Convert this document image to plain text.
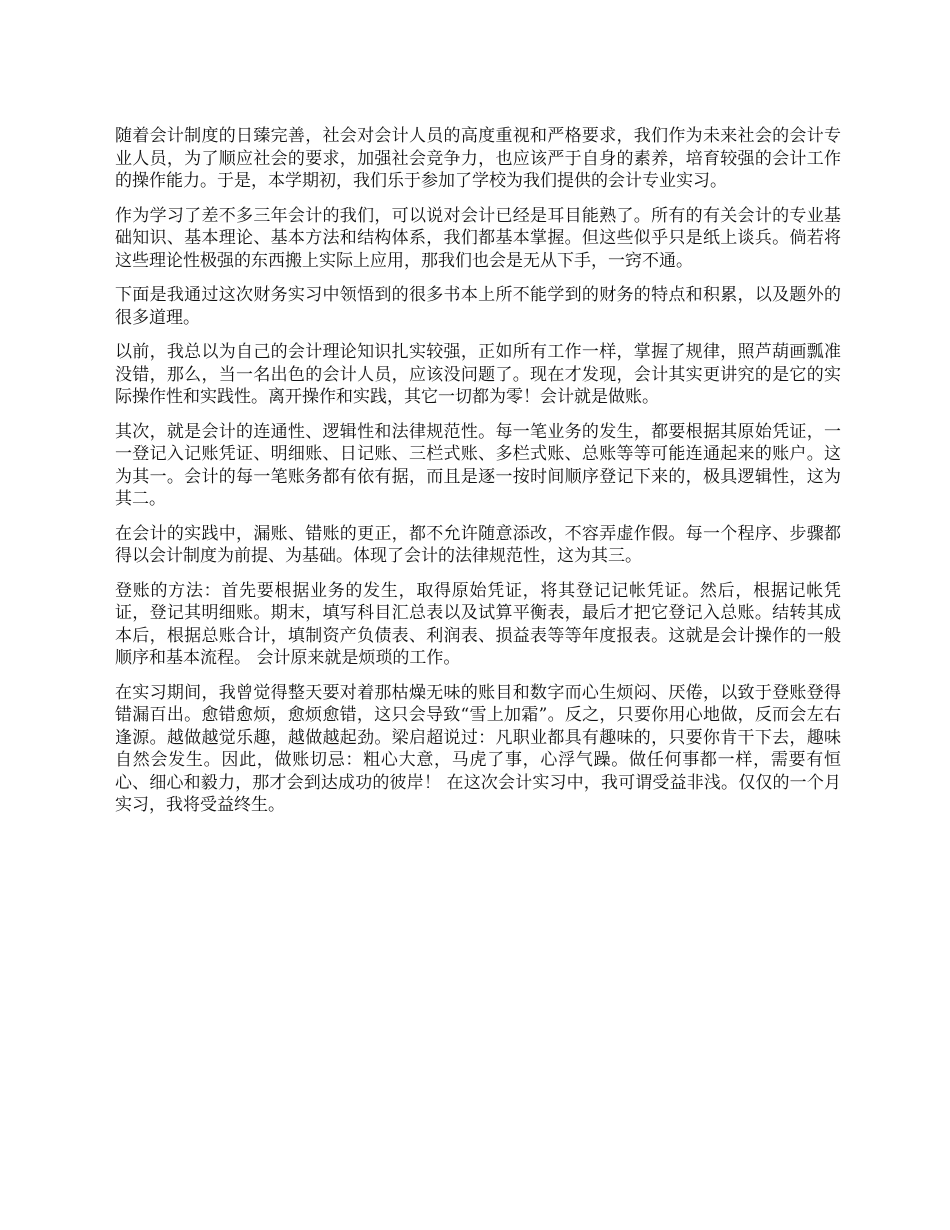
随着会计制度的日臻完善，社会对会计人员的高度重视和严格要求，我们作为未来社会的会计专业人员，为了顺应社会的要求，加强社会竞争力，也应该严于自身的素养，培育较强的会计工作的操作能力。于是，本学期初，我们乐于参加了学校为我们提供的会计专业实习。

作为学习了差不多三年会计的我们，可以说对会计已经是耳目能熟了。所有的有关会计的专业基础知识、基本理论、基本方法和结构体系，我们都基本掌握。但这些似乎只是纸上谈兵。倘若将这些理论性极强的东西搬上实际上应用，那我们也会是无从下手，一窍不通。

下面是我通过这次财务实习中领悟到的很多书本上所不能学到的财务的特点和积累，以及题外的很多道理。

以前，我总以为自己的会计理论知识扎实较强，正如所有工作一样，掌握了规律，照芦葫画瓢准没错，那么，当一名出色的会计人员，应该没问题了。现在才发现，会计其实更讲究的是它的实际操作性和实践性。离开操作和实践，其它一切都为零！会计就是做账。

其次，就是会计的连通性、逻辑性和法律规范性。每一笔业务的发生，都要根据其原始凭证，一一登记入记账凭证、明细账、日记账、三栏式账、多栏式账、总账等等可能连通起来的账户。这为其一。会计的每一笔账务都有依有据，而且是逐一按时间顺序登记下来的，极具逻辑性，这为其二。

在会计的实践中，漏账、错账的更正，都不允许随意添改，不容弄虚作假。每一个程序、步骤都得以会计制度为前提、为基础。体现了会计的法律规范性，这为其三。

登账的方法：首先要根据业务的发生，取得原始凭证，将其登记记帐凭证。然后，根据记帐凭证，登记其明细账。期末，填写科目汇总表以及试算平衡表，最后才把它登记入总账。结转其成本后，根据总账合计，填制资产负债表、利润表、损益表等等年度报表。这就是会计操作的一般顺序和基本流程。 会计原来就是烦琐的工作。

在实习期间，我曾觉得整天要对着那枯燥无味的账目和数字而心生烦闷、厌倦，以致于登账登得错漏百出。愈错愈烦，愈烦愈错，这只会导致“雪上加霜”。反之，只要你用心地做，反而会左右逢源。越做越觉乐趣，越做越起劲。梁启超说过：凡职业都具有趣味的，只要你肯干下去，趣味自然会发生。因此，做账切忌：粗心大意，马虎了事，心浮气躁。做任何事都一样，需要有恒心、细心和毅力，那才会到达成功的彼岸！ 在这次会计实习中，我可谓受益非浅。仅仅的一个月实习，我将受益终生。
